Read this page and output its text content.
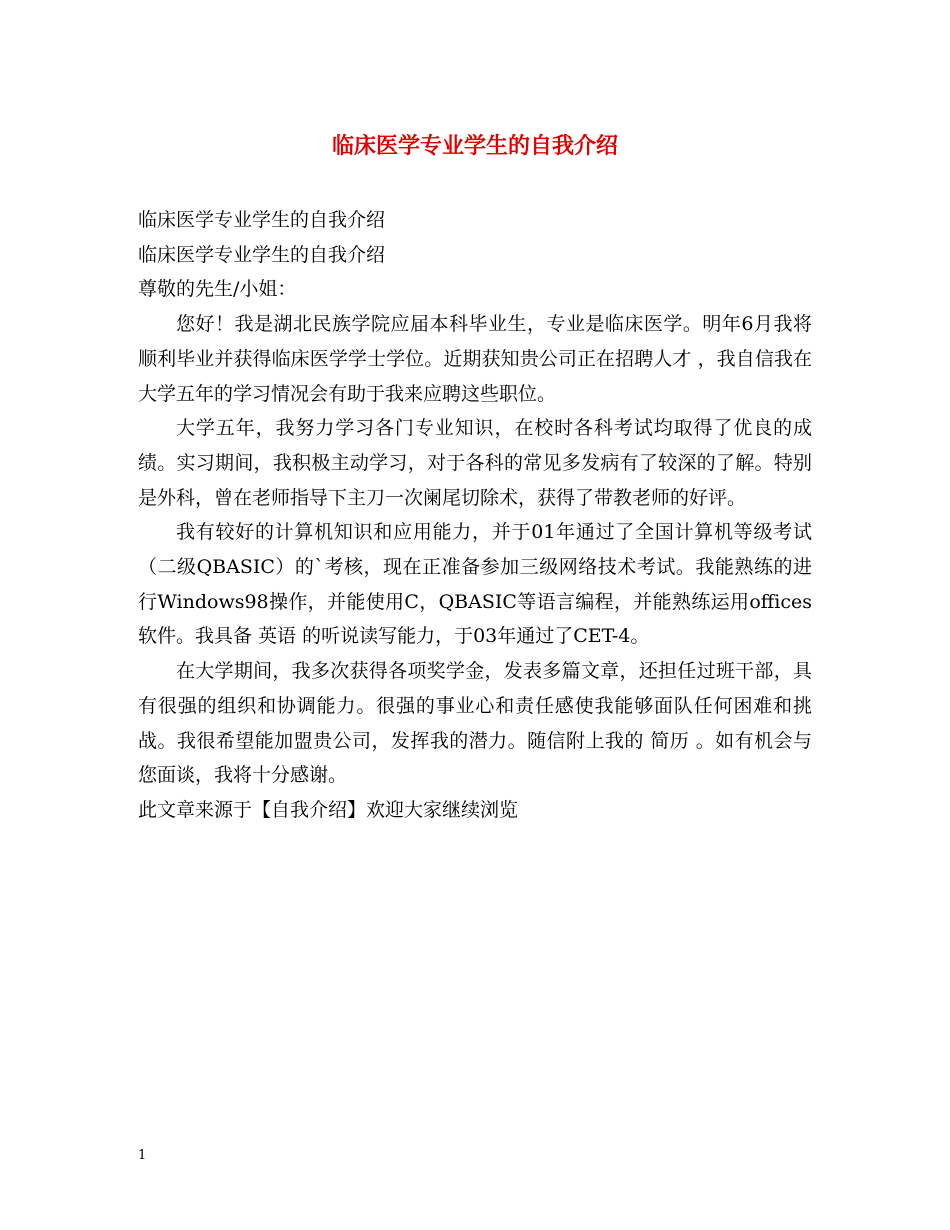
临床医学专业学生的自我介绍

临床医学专业学生的自我介绍

临床医学专业学生的自我介绍

尊敬的先生/小姐：

您好！我是湖北民族学院应届本科毕业生，专业是临床医学。明年6月我将顺利毕业并获得临床医学学士学位。近期获知贵公司正在招聘人才 ，我自信我在大学五年的学习情况会有助于我来应聘这些职位。

大学五年，我努力学习各门专业知识，在校时各科考试均取得了优良的成绩。实习期间，我积极主动学习，对于各科的常见多发病有了较深的了解。特别是外科，曾在老师指导下主刀一次阑尾切除术，获得了带教老师的好评。

我有较好的计算机知识和应用能力，并于01年通过了全国计算机等级考试（二级QBASIC）的`考核，现在正准备参加三级网络技术考试。我能熟练的进行Windows98操作，并能使用C，QBASIC等语言编程，并能熟练运用offices软件。我具备 英语 的听说读写能力，于03年通过了CET-4。

在大学期间，我多次获得各项奖学金，发表多篇文章，还担任过班干部，具有很强的组织和协调能力。很强的事业心和责任感使我能够面队任何困难和挑战。我很希望能加盟贵公司，发挥我的潜力。随信附上我的 简历 。如有机会与您面谈，我将十分感谢。

此文章来源于【自我介绍】欢迎大家继续浏览

1
